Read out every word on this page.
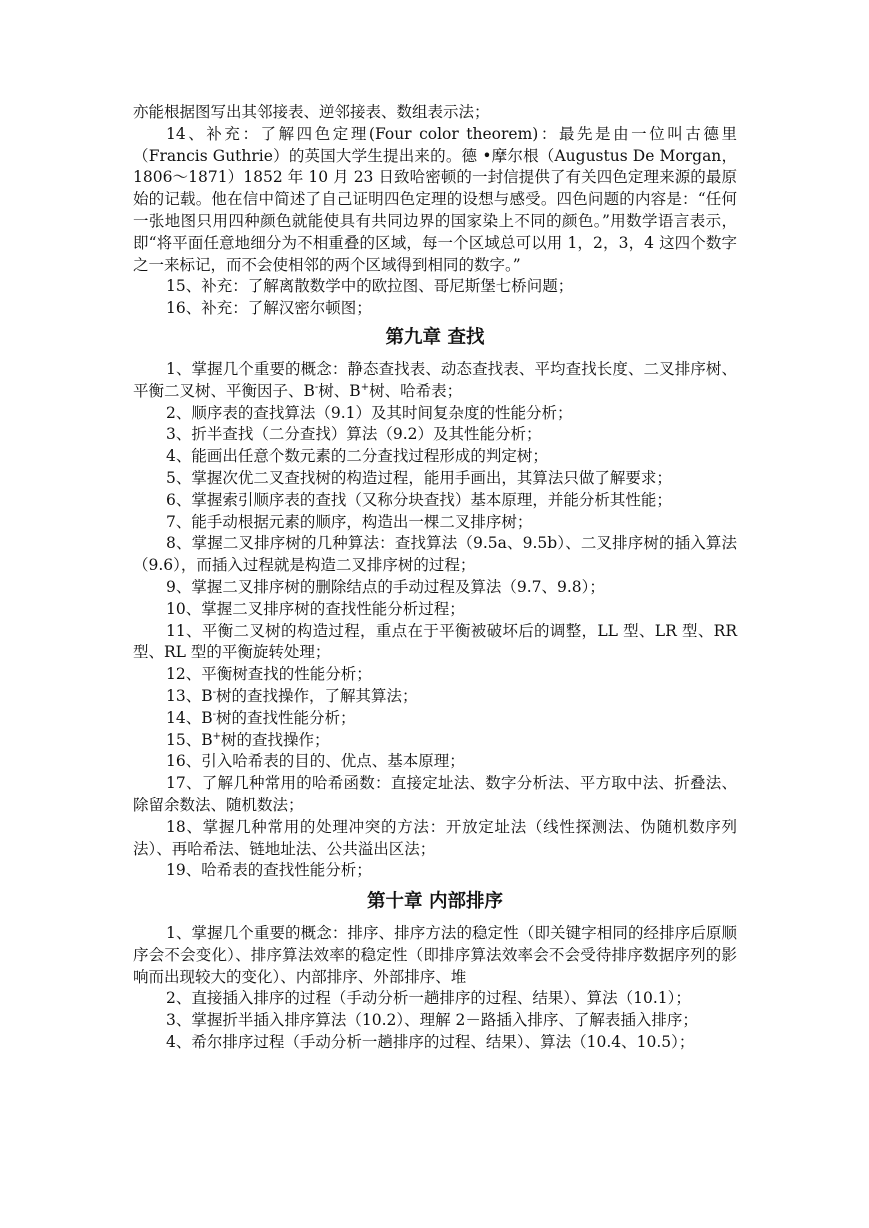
亦能根据图写出其邻接表、逆邻接表、数组表示法；

14、补充：了解四色定理(Four color theorem)：最先是由一位叫古德里（Francis Guthrie）的英国大学生提出来的。德 •摩尔根（Augustus De Morgan，1806～1871）1852 年 10 月 23 日致哈密顿的一封信提供了有关四色定理来源的最原始的记载。他在信中简述了自己证明四色定理的设想与感受。四色问题的内容是：“任何一张地图只用四种颜色就能使具有共同边界的国家染上不同的颜色。”用数学语言表示，即“将平面任意地细分为不相重叠的区域，每一个区域总可以用 1，2，3，4 这四个数字之一来标记，而不会使相邻的两个区域得到相同的数字。”

15、补充：了解离散数学中的欧拉图、哥尼斯堡七桥问题；

16、补充：了解汉密尔顿图；

第九章 查找

1、掌握几个重要的概念：静态查找表、动态查找表、平均查找长度、二叉排序树、平衡二叉树、平衡因子、B-树、B+树、哈希表；

2、顺序表的查找算法（9.1）及其时间复杂度的性能分析；

3、折半查找（二分查找）算法（9.2）及其性能分析；

4、能画出任意个数元素的二分查找过程形成的判定树；

5、掌握次优二叉查找树的构造过程，能用手画出，其算法只做了解要求；

6、掌握索引顺序表的查找（又称分块查找）基本原理，并能分析其性能；

7、能手动根据元素的顺序，构造出一棵二叉排序树；

8、掌握二叉排序树的几种算法：查找算法（9.5a、9.5b）、二叉排序树的插入算法（9.6），而插入过程就是构造二叉排序树的过程；

9、掌握二叉排序树的删除结点的手动过程及算法（9.7、9.8）；

10、掌握二叉排序树的查找性能分析过程；

11、平衡二叉树的构造过程，重点在于平衡被破坏后的调整，LL 型、LR 型、RR 型、RL 型的平衡旋转处理；

12、平衡树查找的性能分析；

13、B-树的查找操作，了解其算法；

14、B-树的查找性能分析；

15、B+树的查找操作；

16、引入哈希表的目的、优点、基本原理；

17、了解几种常用的哈希函数：直接定址法、数字分析法、平方取中法、折叠法、除留余数法、随机数法；

18、掌握几种常用的处理冲突的方法：开放定址法（线性探测法、伪随机数序列法）、再哈希法、链地址法、公共溢出区法；

19、哈希表的查找性能分析；

第十章 内部排序

1、掌握几个重要的概念：排序、排序方法的稳定性（即关键字相同的经排序后原顺序会不会变化）、排序算法效率的稳定性（即排序算法效率会不会受待排序数据序列的影响而出现较大的变化）、内部排序、外部排序、堆

2、直接插入排序的过程（手动分析一趟排序的过程、结果）、算法（10.1）；

3、掌握折半插入排序算法（10.2）、理解 2－路插入排序、了解表插入排序；

4、希尔排序过程（手动分析一趟排序的过程、结果）、算法（10.4、10.5）；
